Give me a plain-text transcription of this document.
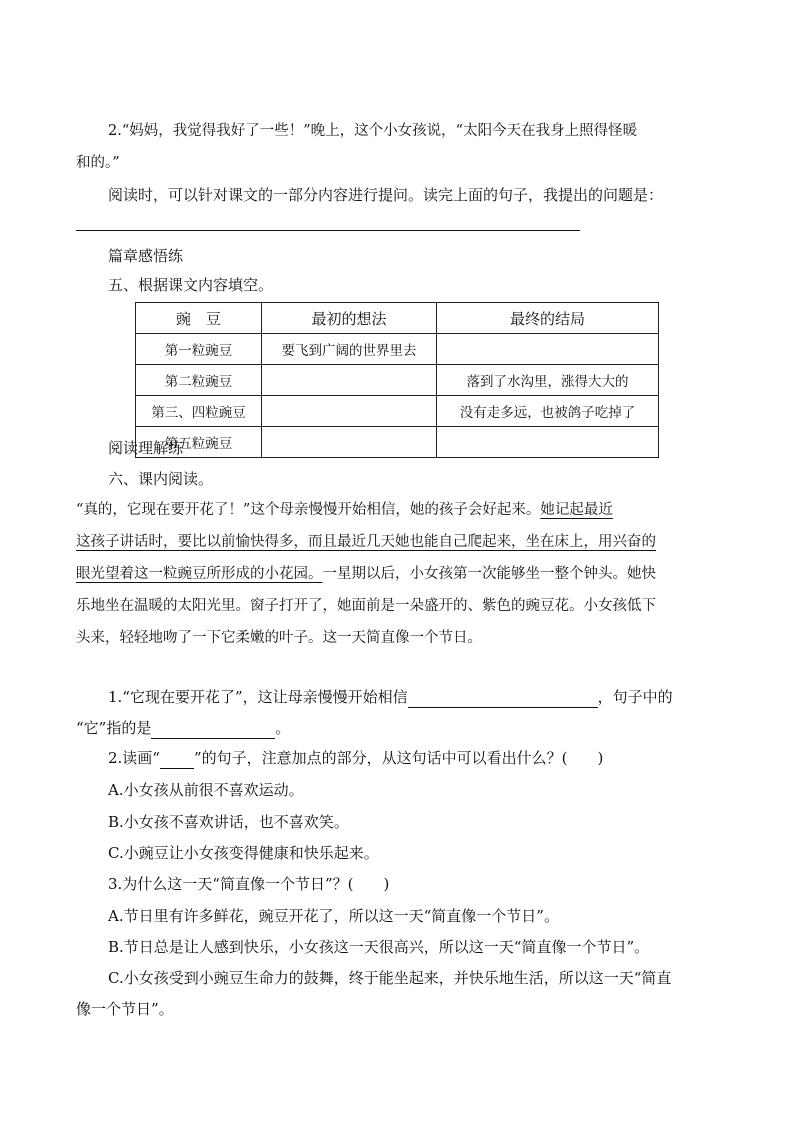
2.“妈妈，我觉得我好了一些！”晚上，这个小女孩说，“太阳今天在我身上照得怪暖
和的。”
阅读时，可以针对课文的一部分内容进行提问。读完上面的句子，我提出的问题是：
篇章感悟练
五、根据课文内容填空。
豌　豆	最初的想法	最终的结局
第一粒豌豆	要飞到广阔的世界里去	
第二粒豌豆		落到了水沟里，涨得大大的
第三、四粒豌豆		没有走多远，也被鸽子吃掉了
第五粒豌豆		
阅读理解练
六、课内阅读。
“真的，它现在要开花了！”这个母亲慢慢开始相信，她的孩子会好起来。她记起最近
这孩子讲话时，要比以前愉快得多，而且最近几天她也能自己爬起来，坐在床上，用兴奋的
眼光望着这一粒豌豆所形成的小花园。一星期以后，小女孩第一次能够坐一整个钟头。她快
乐地坐在温暖的太阳光里。窗子打开了，她面前是一朵盛开的、紫色的豌豆花。小女孩低下
头来，轻轻地吻了一下它柔嫩的叶子。这一天简直像一个节日。
1.“它现在要开花了”，这让母亲慢慢开始相信	，句子中的
“它”指的是	。
2.读画“ ”的句子，注意加点的部分，从这句话中可以看出什么？(　　)
A.小女孩从前很不喜欢运动。
B.小女孩不喜欢讲话，也不喜欢笑。
C.小豌豆让小女孩变得健康和快乐起来。
3.为什么这一天“简直像一个节日”？(　　)
A.节日里有许多鲜花，豌豆开花了，所以这一天“简直像一个节日”。
B.节日总是让人感到快乐，小女孩这一天很高兴，所以这一天“简直像一个节日”。
C.小女孩受到小豌豆生命力的鼓舞，终于能坐起来，并快乐地生活，所以这一天“简直
像一个节日”。
